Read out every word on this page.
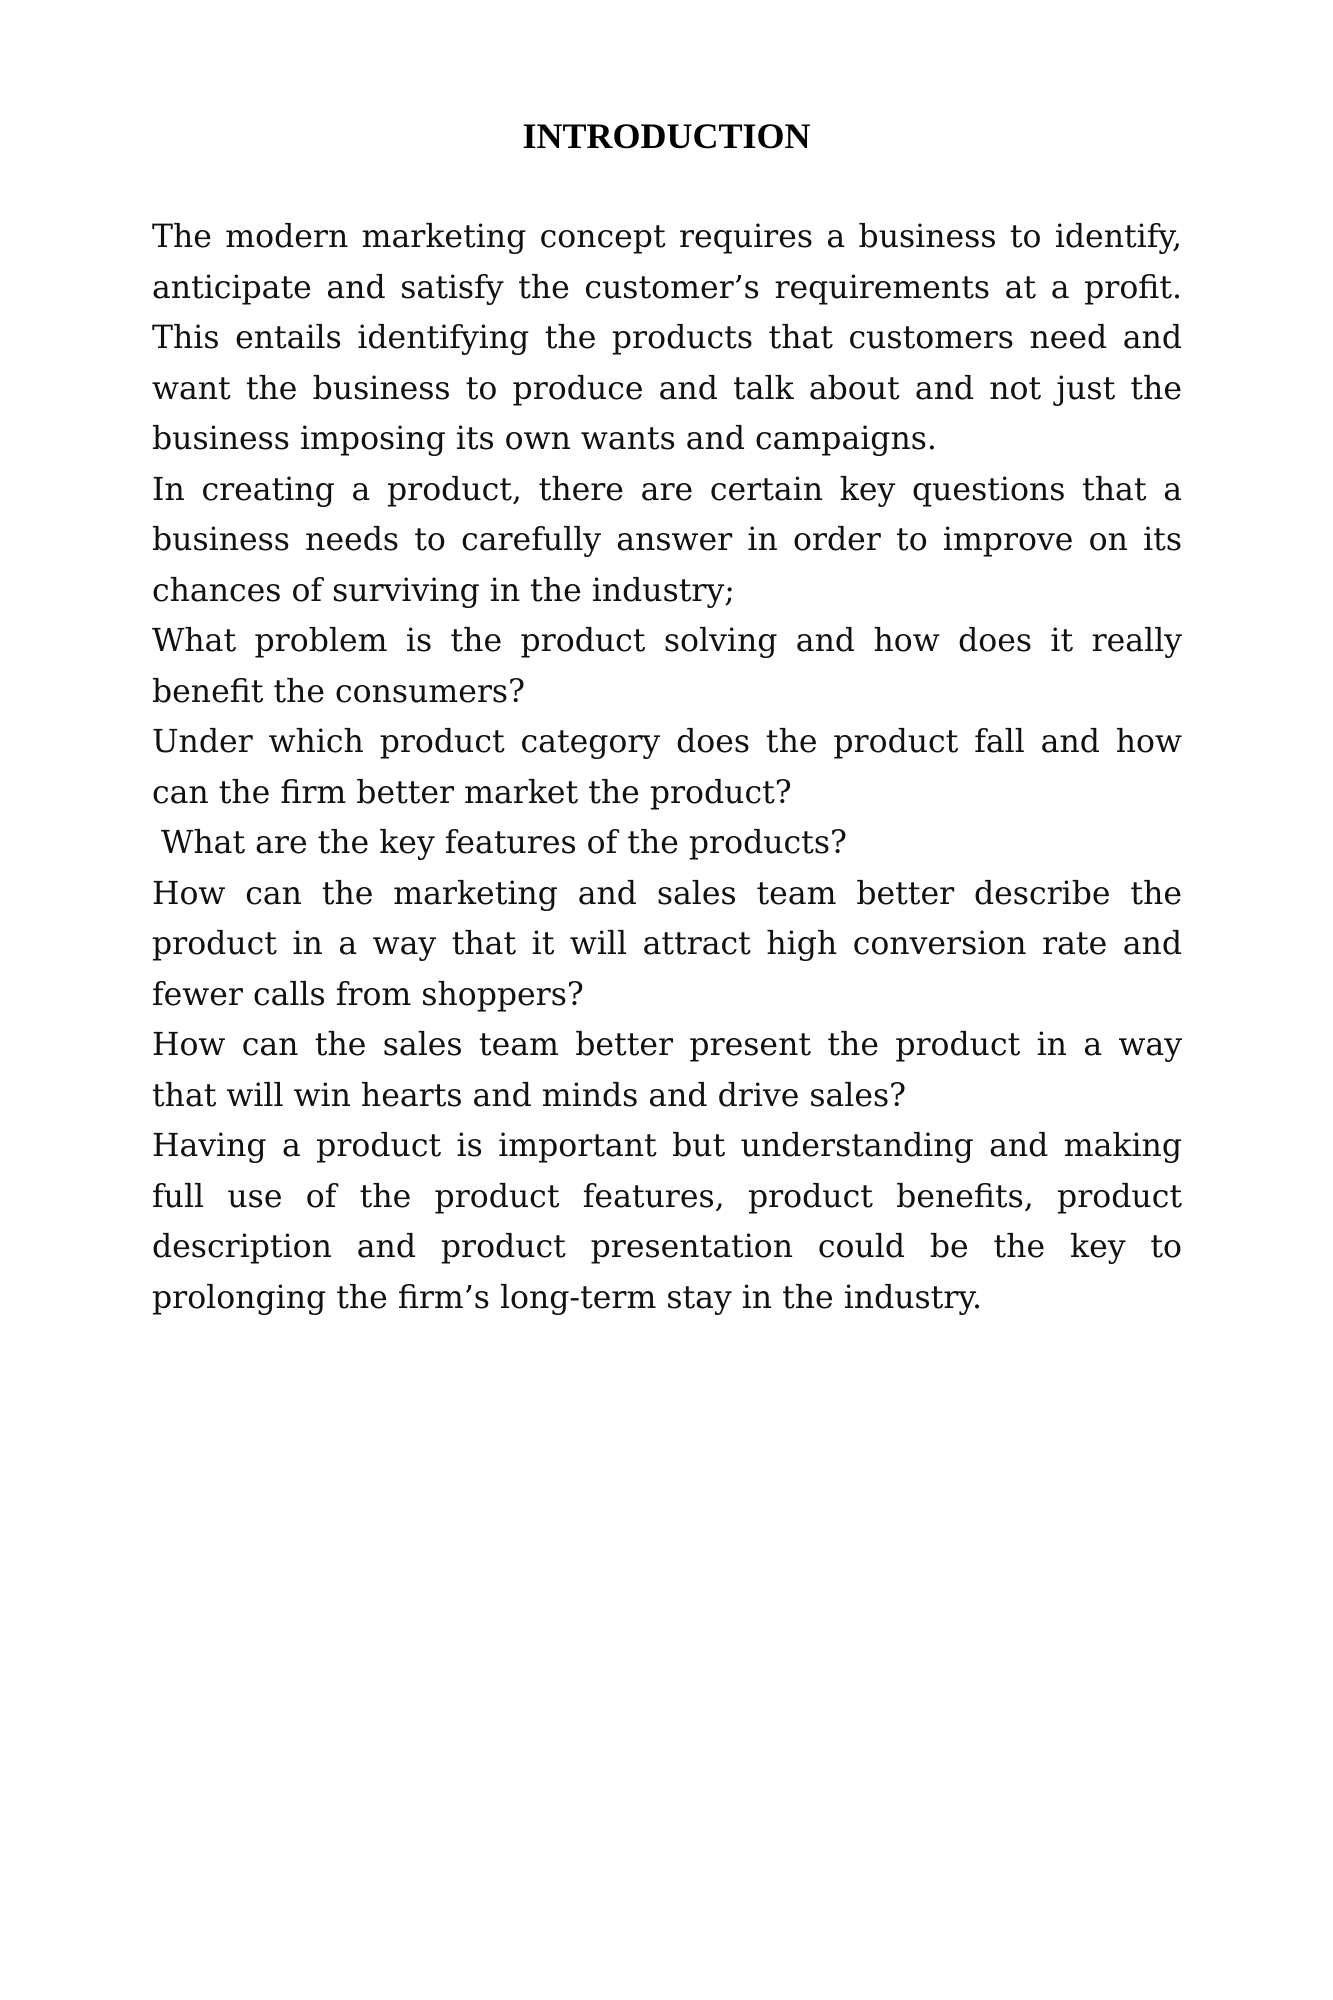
INTRODUCTION

The modern marketing concept requires a business to identify, anticipate and satisfy the customer’s requirements at a profit. This entails identifying the products that customers need and want the business to produce and talk about and not just the business imposing its own wants and campaigns.

In creating a product, there are certain key questions that a business needs to carefully answer in order to improve on its chances of surviving in the industry;

What problem is the product solving and how does it really benefit the consumers?

Under which product category does the product fall and how can the firm better market the product?

What are the key features of the products?

How can the marketing and sales team better describe the product in a way that it will attract high conversion rate and fewer calls from shoppers?

How can the sales team better present the product in a way that will win hearts and minds and drive sales?

Having a product is important but understanding and making full use of the product features, product benefits, product description and product presentation could be the key to prolonging the firm’s long-term stay in the industry.
